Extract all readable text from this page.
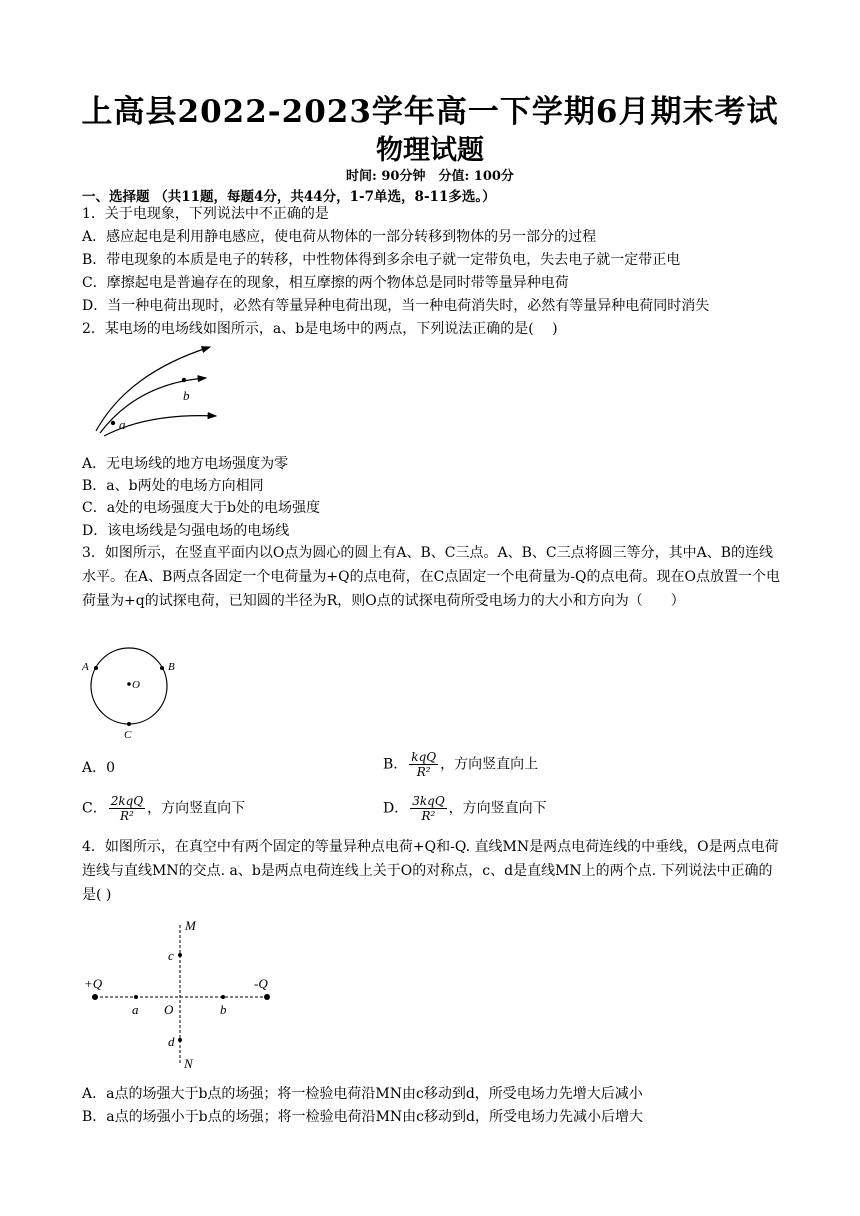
上高县2022-2023学年高一下学期6月期末考试
物理试题
时间: 90分钟　分值: 100分
一、选择题 （共11题，每题4分，共44分，1-7单选，8-11多选。）
1．关于电现象，下列说法中不正确的是
A．感应起电是利用静电感应，使电荷从物体的一部分转移到物体的另一部分的过程
B．带电现象的本质是电子的转移，中性物体得到多余电子就一定带负电，失去电子就一定带正电
C．摩擦起电是普遍存在的现象，相互摩擦的两个物体总是同时带等量异种电荷
D．当一种电荷出现时，必然有等量异种电荷出现，当一种电荷消失时，必然有等量异种电荷同时消失
2．某电场的电场线如图所示，a、b是电场中的两点，下列说法正确的是(　 )
b
a
A．无电场线的地方电场强度为零
B．a、b两处的电场方向相同
C．a处的电场强度大于b处的电场强度
D．该电场线是匀强电场的电场线
3．如图所示，在竖直平面内以O点为圆心的圆上有A、B、C三点。A、B、C三点将圆三等分，其中A、B的连线水平。在A、B两点各固定一个电荷量为+Q的点电荷，在C点固定一个电荷量为-Q的点电荷。现在O点放置一个电荷量为+q的试探电荷，已知圆的半径为R，则O点的试探电荷所受电场力的大小和方向为（　　）
A	B
O
C
A．0	B． $\frac{\text{kqQ}}{\text{R²}}$ ，方向竖直向上
C． $\frac{\text{2kqQ}}{\text{R²}}$ ，方向竖直向下	D． $\frac{\text{3kqQ}}{\text{R²}}$ ，方向竖直向下
4．如图所示，在真空中有两个固定的等量异种点电荷+Q和-Q. 直线MN是两点电荷连线的中垂线，O是两点电荷连线与直线MN的交点. a、b是两点电荷连线上关于O的对称点，c、d是直线MN上的两个点. 下列说法中正确的是( )
M
N
c
d
+Q	-Q
a O	b
A．a点的场强大于b点的场强；将一检验电荷沿MN由c移动到d，所受电场力先增大后减小
B．a点的场强小于b点的场强；将一检验电荷沿MN由c移动到d，所受电场力先减小后增大
